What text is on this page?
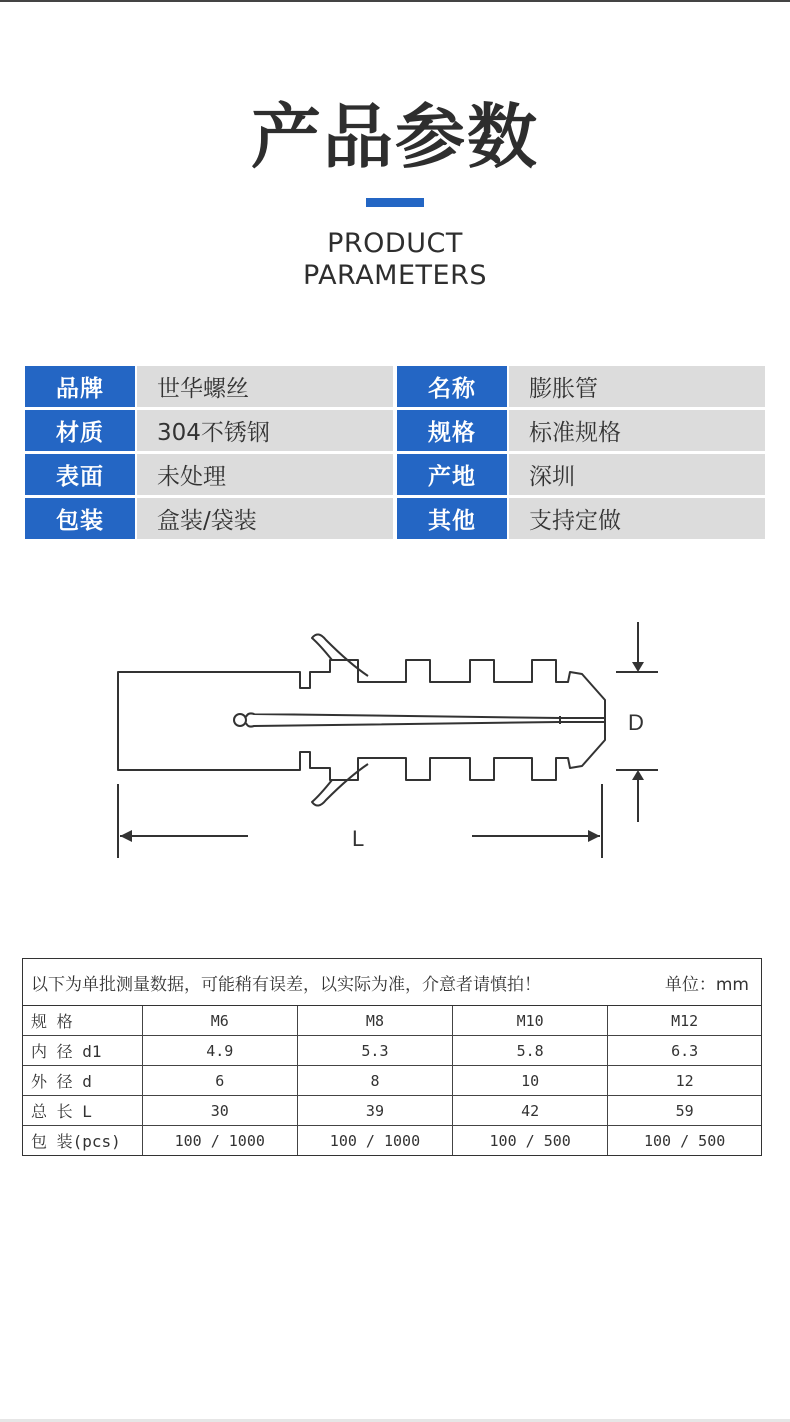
产品参数
PRODUCT
PARAMETERS
品牌	世华螺丝	名称	膨胀管
材质	304不锈钢	规格	标准规格
表面	未处理	产地	深圳
包装	盒装/袋装	其他	支持定做
D
L
以下为单批测量数据，可能稍有误差，以实际为准，介意者请慎拍！	单位：mm
规 格	M6	M8	M10	M12
内 径 d1	4.9	5.3	5.8	6.3
外 径 d	6	8	10	12
总 长 L	30	39	42	59
包 装(pcs)	100 / 1000	100 / 1000	100 / 500	100 / 500
